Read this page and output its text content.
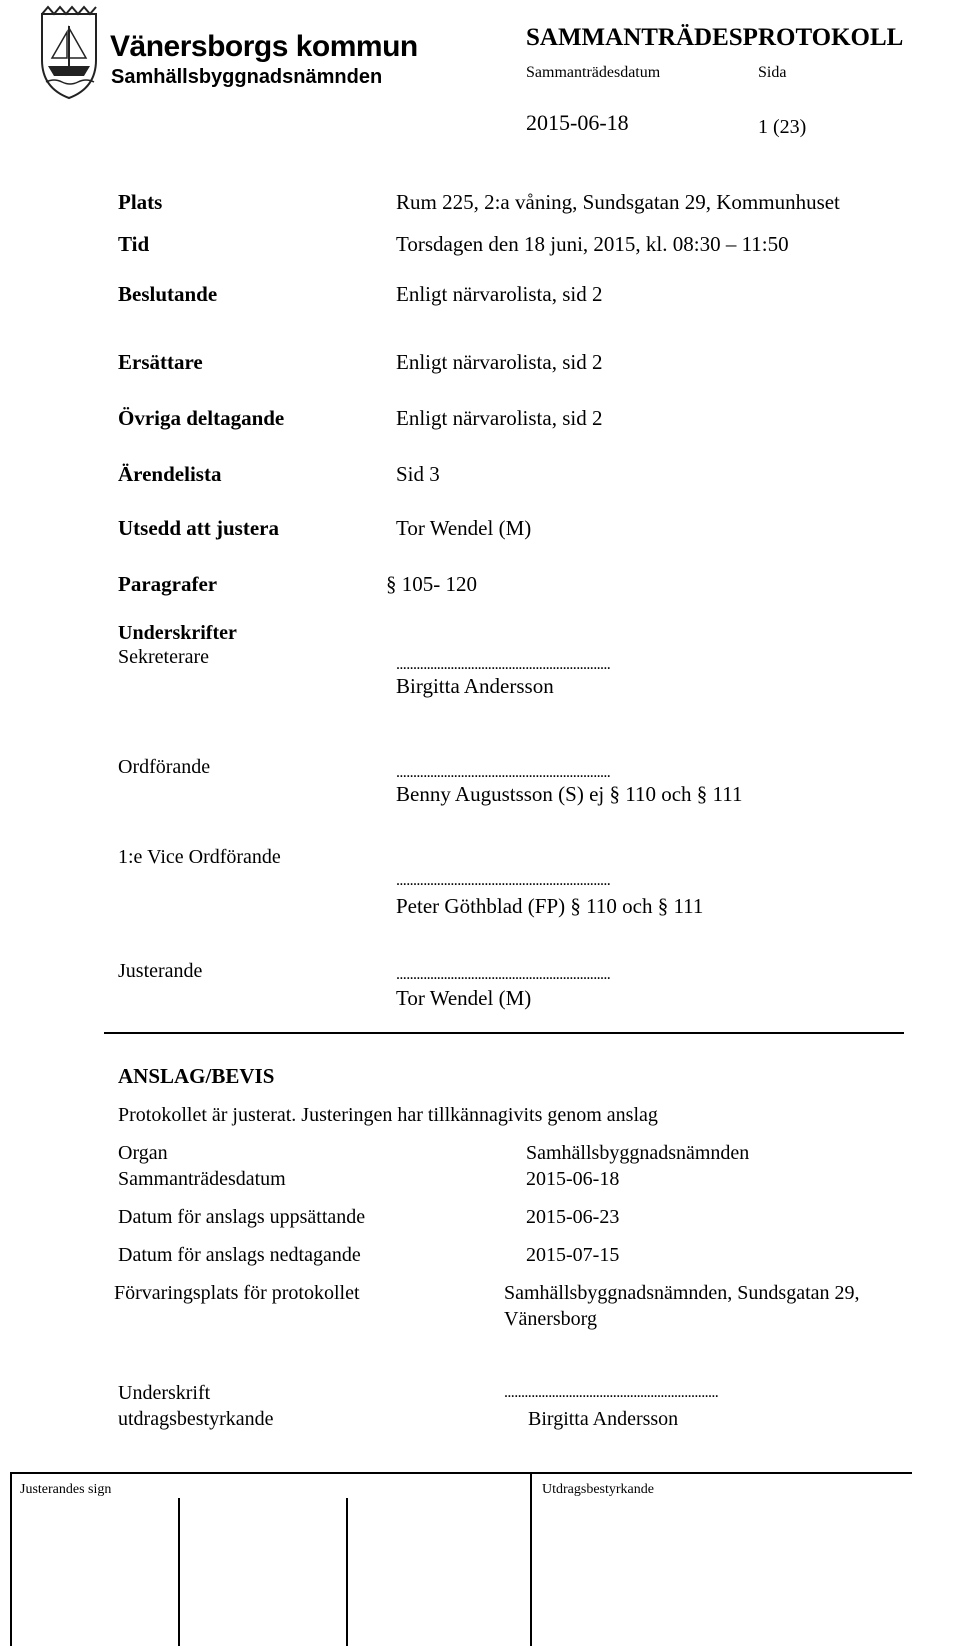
Vänersborgs kommun
Samhällsbyggnadsnämnden
SAMMANTRÄDESPROTOKOLL
Sammanträdesdatum	Sida
2015-06-18	1 (23)
Plats	Rum 225, 2:a våning, Sundsgatan 29, Kommunhuset
Tid	Torsdagen den 18 juni, 2015, kl. 08:30 – 11:50
Beslutande	Enligt närvarolista, sid 2
Ersättare	Enligt närvarolista, sid 2
Övriga deltagande	Enligt närvarolista, sid 2
Ärendelista	Sid 3
Utsedd att justera	Tor Wendel (M)
Paragrafer	§ 105- 120
Underskrifter
Sekreterare	...............................................................
Birgitta Andersson
Ordförande	...............................................................
Benny Augustsson (S) ej § 110 och § 111
1:e Vice Ordförande
...............................................................
Peter Göthblad (FP) § 110 och § 111
Justerande	...............................................................
Tor Wendel (M)
ANSLAG/BEVIS
Protokollet är justerat. Justeringen har tillkännagivits genom anslag
Organ	Samhällsbyggnadsnämnden
Sammanträdesdatum	2015-06-18
Datum för anslags uppsättande	2015-06-23
Datum för anslags nedtagande	2015-07-15
Förvaringsplats för protokollet	Samhällsbyggnadsnämnden, Sundsgatan 29,
Vänersborg
Underskrift
utdragsbestyrkande
...............................................................
Birgitta Andersson
Justerandes sign	Utdragsbestyrkande
